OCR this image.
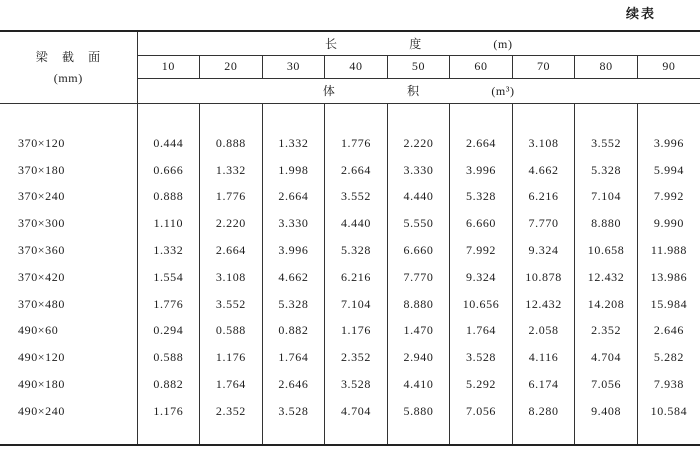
续表
梁 截 面
(mm)	长 度 (m)								
	10	20	30	40	50	60	70	80	90
	体 积 (m³)								

370×120	0.444	0.888	1.332	1.776	2.220	2.664	3.108	3.552	3.996
370×180	0.666	1.332	1.998	2.664	3.330	3.996	4.662	5.328	5.994
370×240	0.888	1.776	2.664	3.552	4.440	5.328	6.216	7.104	7.992
370×300	1.110	2.220	3.330	4.440	5.550	6.660	7.770	8.880	9.990
370×360	1.332	2.664	3.996	5.328	6.660	7.992	9.324	10.658	11.988
370×420	1.554	3.108	4.662	6.216	7.770	9.324	10.878	12.432	13.986
370×480	1.776	3.552	5.328	7.104	8.880	10.656	12.432	14.208	15.984
490×60	0.294	0.588	0.882	1.176	1.470	1.764	2.058	2.352	2.646
490×120	0.588	1.176	1.764	2.352	2.940	3.528	4.116	4.704	5.282
490×180	0.882	1.764	2.646	3.528	4.410	5.292	6.174	7.056	7.938
490×240	1.176	2.352	3.528	4.704	5.880	7.056	8.280	9.408	10.584
